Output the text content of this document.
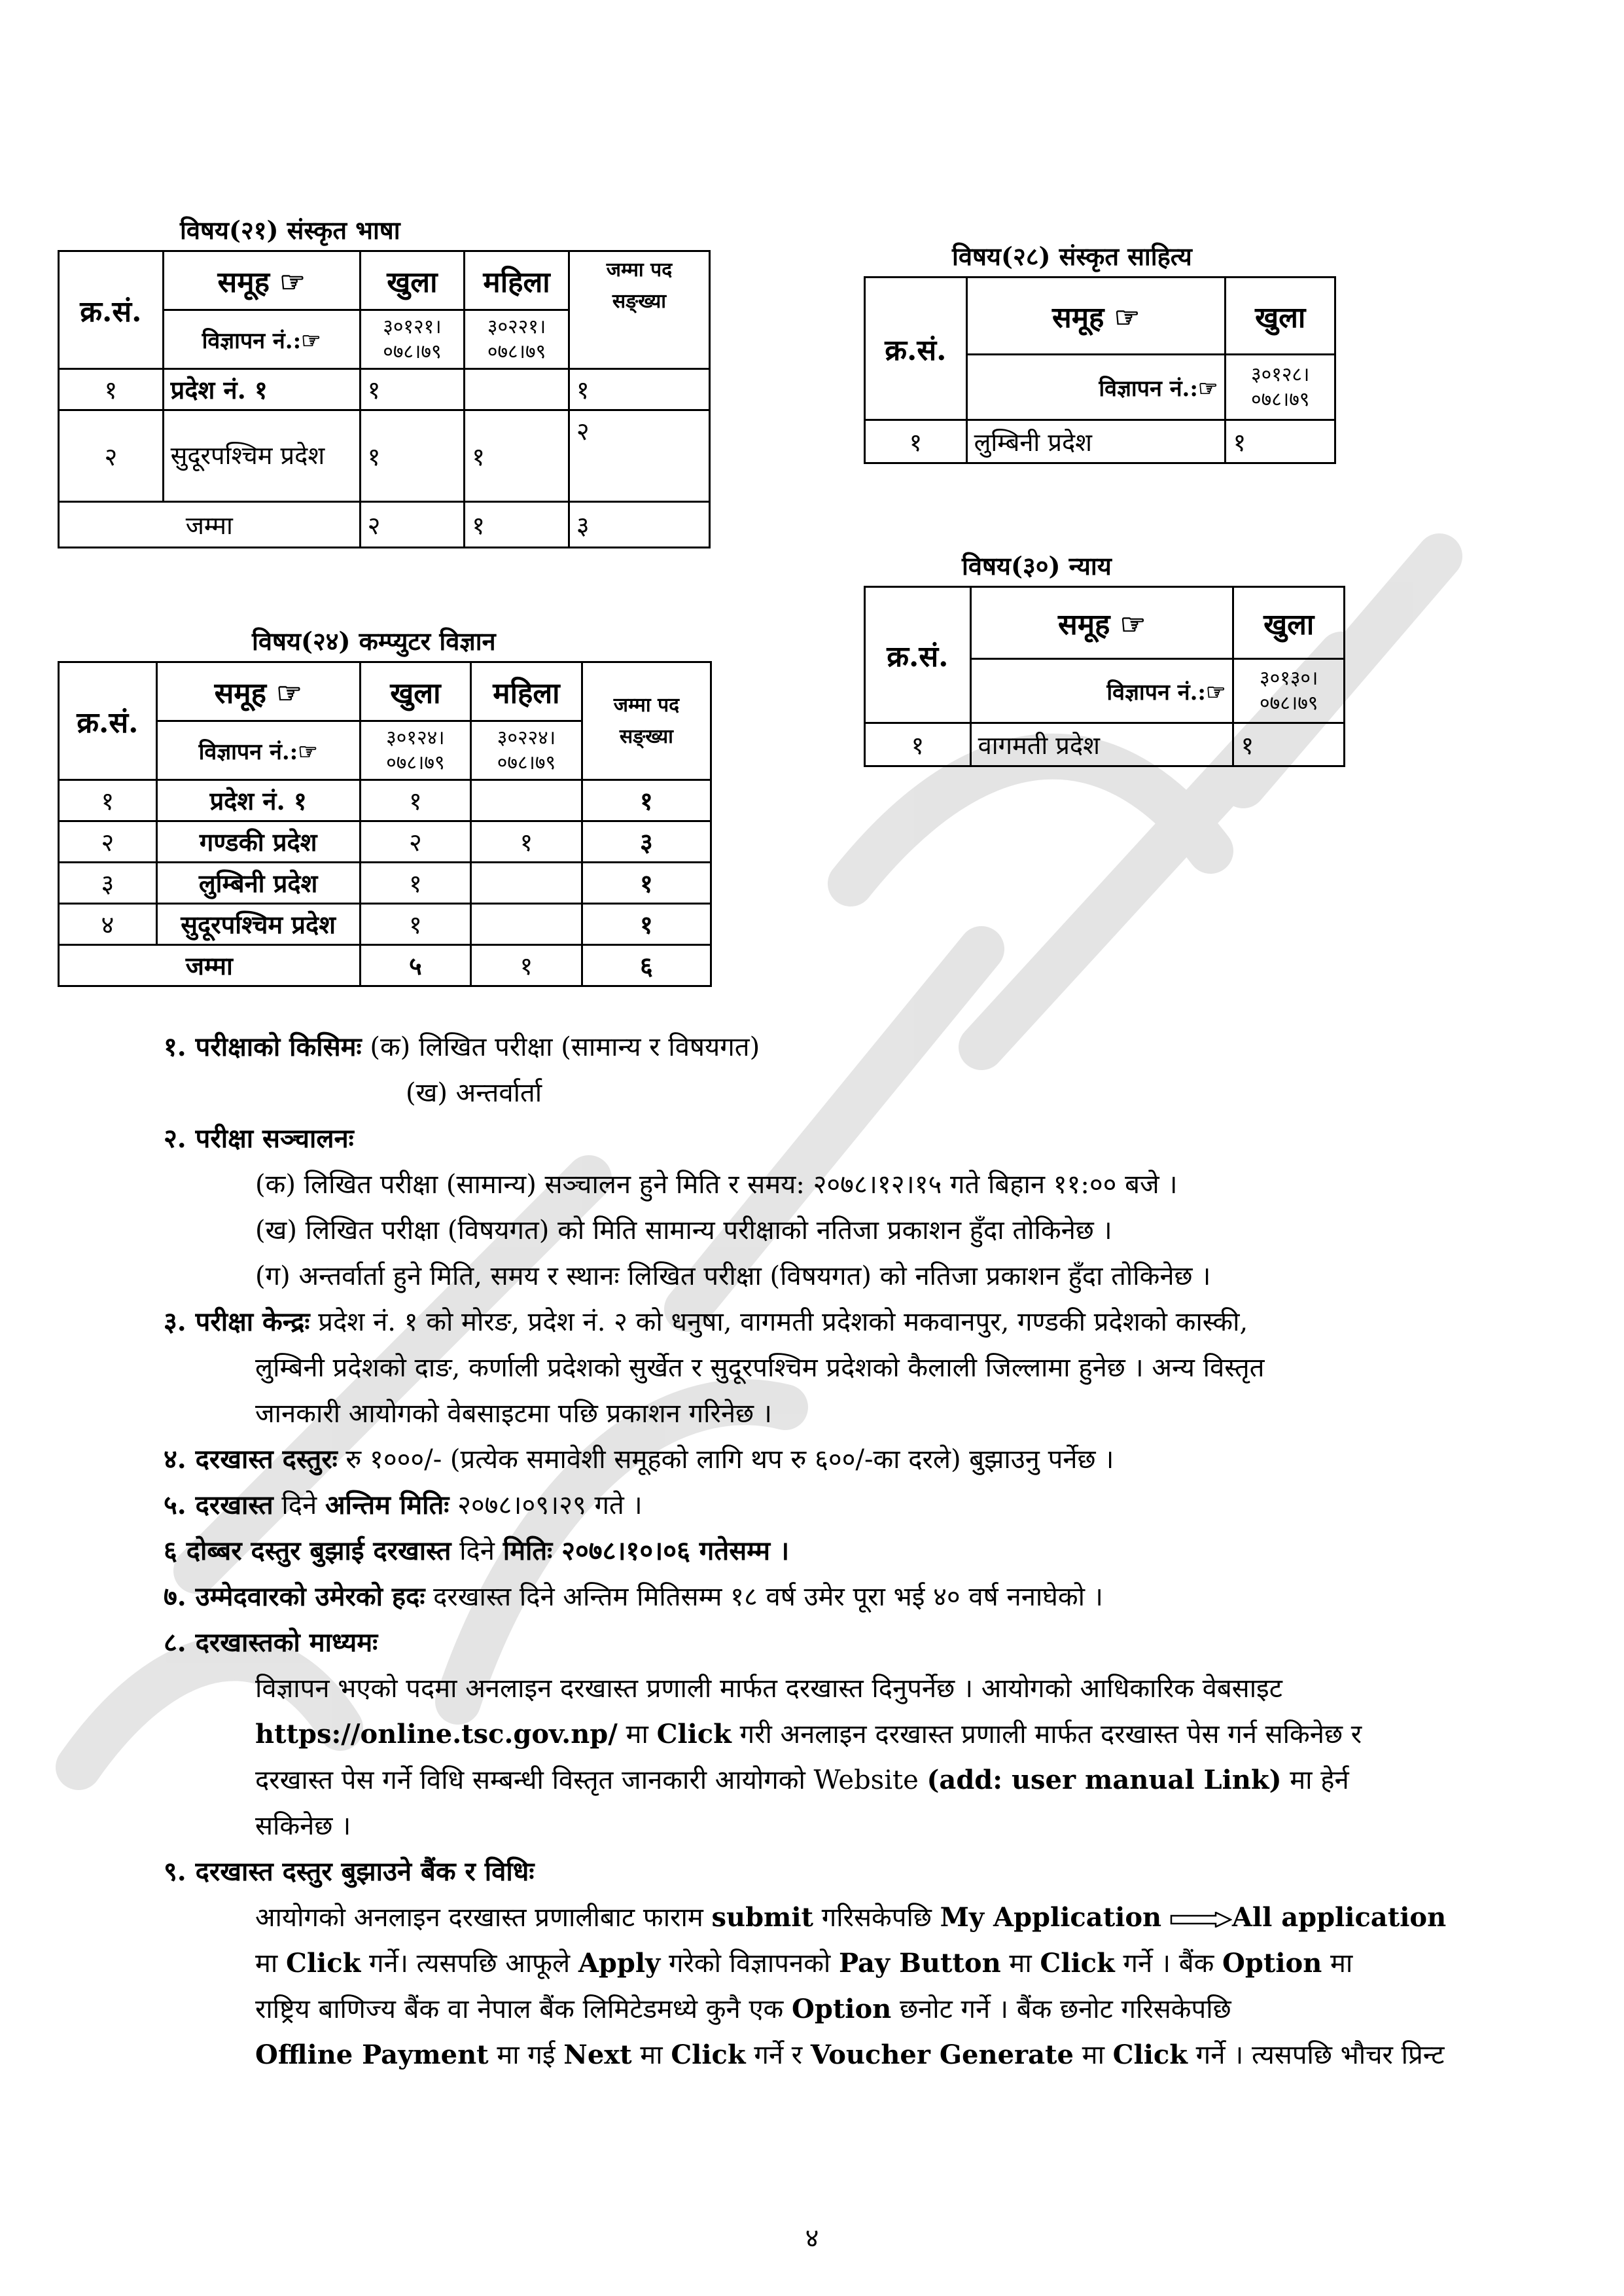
विषय(२१) संस्कृत भाषा
क्र.सं.	समूह ☞	खुला	महिला	जम्मा पद सङ्ख्या
	विज्ञापन नं.:☞	३०१२१। ०७८।७९	३०२२१। ०७८।७९	
१	प्रदेश नं. १	१		१
२	सुदूरपश्चिम प्रदेश	१	१	२
जम्मा		२	१	३
विषय(२४) कम्प्युटर विज्ञान
क्र.सं.	समूह ☞	खुला	महिला	जम्मा पद सङ्ख्या
	विज्ञापन नं.:☞	३०१२४। ०७८।७९	३०२२४। ०७८।७९	
१	प्रदेश नं. १	१		१
२	गण्डकी प्रदेश	२	१	३
३	लुम्बिनी प्रदेश	१		१
४	सुदूरपश्चिम प्रदेश	१		१
जम्मा		५	१	६
विषय(२८) संस्कृत साहित्य
क्र.सं.	समूह ☞	खुला
	विज्ञापन नं.:☞	३०१२८। ०७८।७९
१	लुम्बिनी प्रदेश	१
विषय(३०) न्याय
क्र.सं.	समूह ☞	खुला
	विज्ञापन नं.:☞	३०१३०। ०७८।७९
१	वागमती प्रदेश	१
१. परीक्षाको किसिमः (क) लिखित परीक्षा (सामान्य र विषयगत)
(ख) अन्तर्वार्ता
२. परीक्षा सञ्चालनः
(क) लिखित परीक्षा (सामान्य) सञ्चालन हुने मिति र समय: २०७८।१२।१५ गते बिहान ११:०० बजे ।
(ख) लिखित परीक्षा (विषयगत) को मिति सामान्य परीक्षाको नतिजा प्रकाशन हुँदा तोकिनेछ ।
(ग) अन्तर्वार्ता हुने मिति, समय र स्थानः लिखित परीक्षा (विषयगत) को नतिजा प्रकाशन हुँदा तोकिनेछ ।
३. परीक्षा केन्द्रः प्रदेश नं. १ को मोरङ, प्रदेश नं. २ को धनुषा, वागमती प्रदेशको मकवानपुर, गण्डकी प्रदेशको कास्की,
लुम्बिनी प्रदेशको दाङ, कर्णाली प्रदेशको सुर्खेत र सुदूरपश्चिम प्रदेशको कैलाली जिल्लामा हुनेछ । अन्य विस्तृत
जानकारी आयोगको वेबसाइटमा पछि प्रकाशन गरिनेछ ।
४. दरखास्त दस्तुरः रु १०००/- (प्रत्येक समावेशी समूहको लागि थप रु ६००/-का दरले) बुझाउनु पर्नेछ ।
५. दरखास्त दिने अन्तिम मितिः २०७८।०९।२९ गते ।
६ दोब्बर दस्तुर बुझाई दरखास्त दिने मितिः २०७८।१०।०६ गतेसम्म ।
७. उम्मेदवारको उमेरको हदः दरखास्त दिने अन्तिम मितिसम्म १८ वर्ष उमेर पूरा भई ४० वर्ष ननाघेको ।
८. दरखास्तको माध्यमः
विज्ञापन भएको पदमा अनलाइन दरखास्त प्रणाली मार्फत दरखास्त दिनुपर्नेछ । आयोगको आधिकारिक वेबसाइट
https://online.tsc.gov.np/ मा Click गरी अनलाइन दरखास्त प्रणाली मार्फत दरखास्त पेस गर्न सकिनेछ र
दरखास्त पेस गर्ने विधि सम्बन्धी विस्तृत जानकारी आयोगको Website (add: user manual Link) मा हेर्न
सकिनेछ ।
९. दरखास्त दस्तुर बुझाउने बैंक र विधिः
आयोगको अनलाइन दरखास्त प्रणालीबाट फाराम submit गरिसकेपछि My Application	All application
मा Click गर्ने। त्यसपछि आफूले Apply गरेको विज्ञापनको Pay Button मा Click गर्ने । बैंक Option मा
राष्ट्रिय बाणिज्य बैंक वा नेपाल बैंक लिमिटेडमध्ये कुनै एक Option छनोट गर्ने । बैंक छनोट गरिसकेपछि
Offline Payment मा गई Next मा Click गर्ने र Voucher Generate मा Click गर्ने । त्यसपछि भौचर प्रिन्ट
४
